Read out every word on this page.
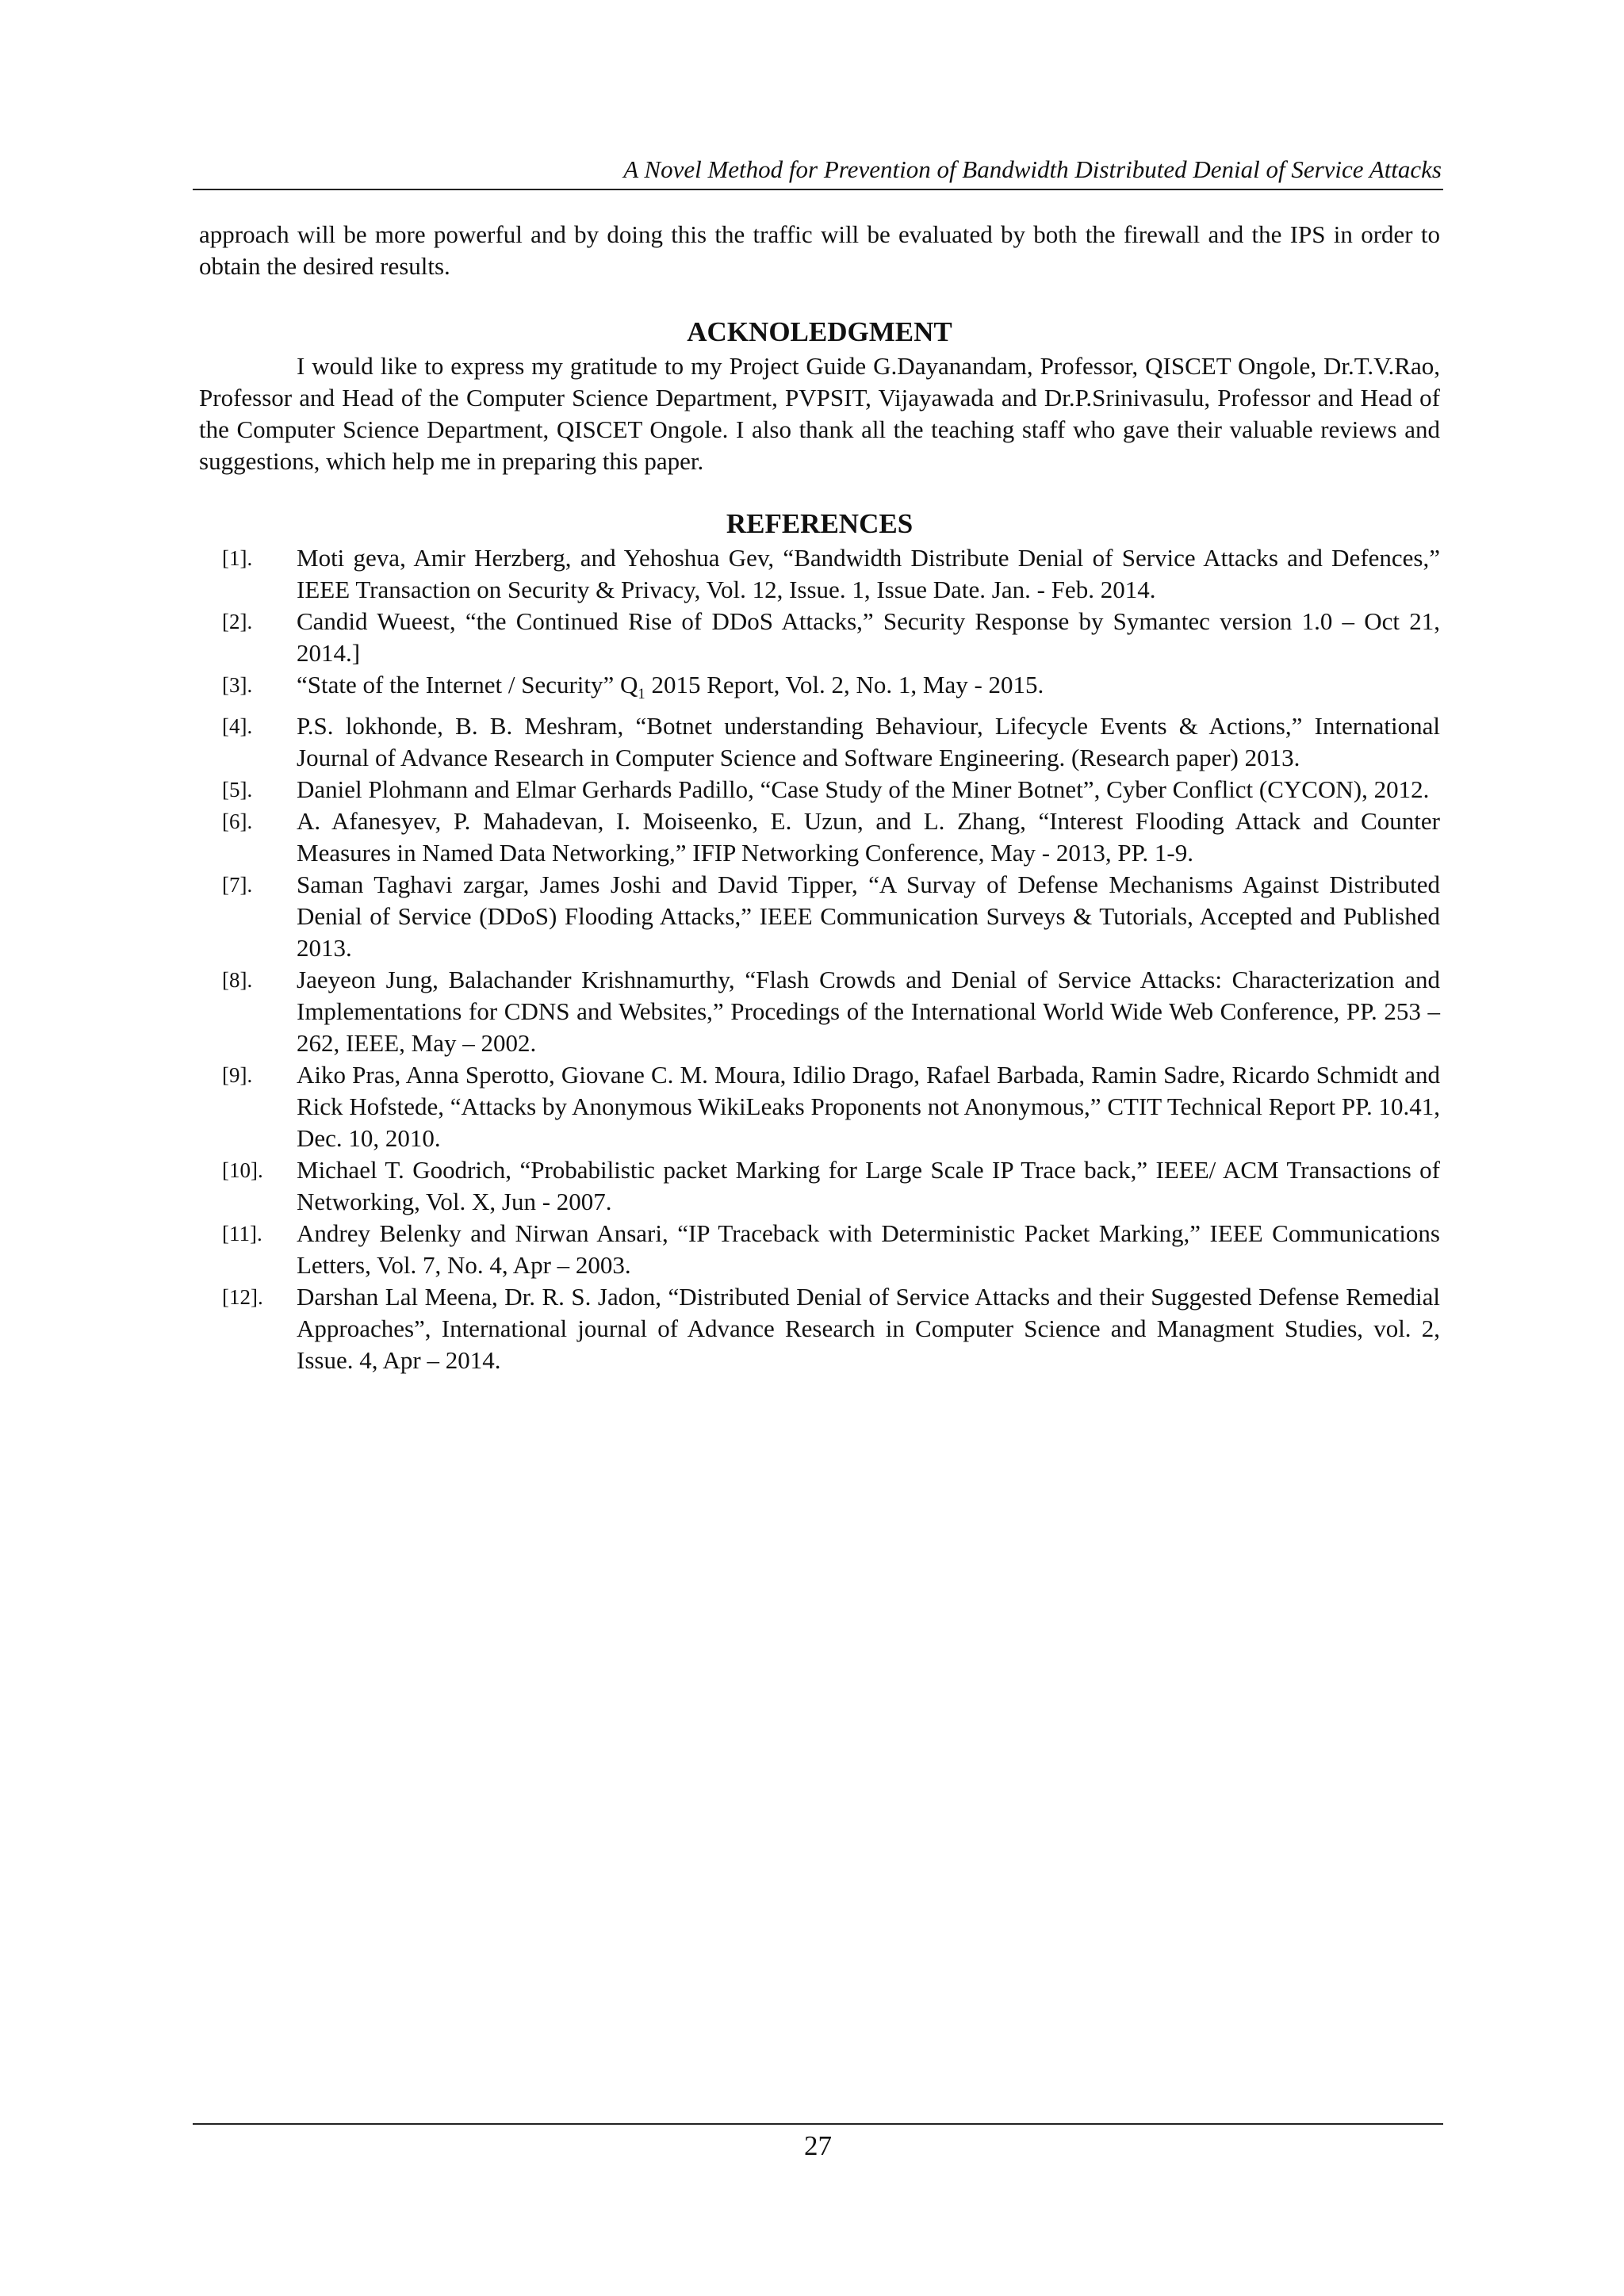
A Novel Method for Prevention of Bandwidth Distributed Denial of Service Attacks

approach will be more powerful and by doing this the traffic will be evaluated by both the firewall and the IPS in order to obtain the desired results.

ACKNOLEDGMENT

I would like to express my gratitude to my Project Guide G.Dayanandam, Professor, QISCET Ongole, Dr.T.V.Rao, Professor and Head of the Computer Science Department, PVPSIT, Vijayawada and Dr.P.Srinivasulu, Professor and Head of the Computer Science Department, QISCET Ongole. I also thank all the teaching staff who gave their valuable reviews and suggestions, which help me in preparing this paper.

REFERENCES
[1].	Moti geva, Amir Herzberg, and Yehoshua Gev, “Bandwidth Distribute Denial of Service Attacks and Defences,” IEEE Transaction on Security & Privacy, Vol. 12, Issue. 1, Issue Date. Jan. - Feb. 2014.
[2].	Candid Wueest, “the Continued Rise of DDoS Attacks,” Security Response by Symantec version 1.0 – Oct 21, 2014.]
[3].	“State of the Internet / Security” $Q_1$ 2015 Report, Vol. 2, No. 1, May - 2015.
[4].	P.S. lokhonde, B. B. Meshram, “Botnet understanding Behaviour, Lifecycle Events & Actions,” International Journal of Advance Research in Computer Science and Software Engineering. (Research paper) 2013.
[5].	Daniel Plohmann and Elmar Gerhards Padillo, “Case Study of the Miner Botnet”, Cyber Conflict (CYCON), 2012.
[6].	A. Afanesyev, P. Mahadevan, I. Moiseenko, E. Uzun, and L. Zhang, “Interest Flooding Attack and Counter Measures in Named Data Networking,” IFIP Networking Conference, May - 2013, PP. 1-9.
[7].	Saman Taghavi zargar, James Joshi and David Tipper, “A Survay of Defense Mechanisms Against Distributed Denial of Service (DDoS) Flooding Attacks,” IEEE Communication Surveys & Tutorials, Accepted and Published 2013.
[8].	Jaeyeon Jung, Balachander Krishnamurthy, “Flash Crowds and Denial of Service Attacks: Characterization and Implementations for CDNS and Websites,” Procedings of the International World Wide Web Conference, PP. 253 – 262, IEEE, May – 2002.
[9].	Aiko Pras, Anna Sperotto, Giovane C. M. Moura, Idilio Drago, Rafael Barbada, Ramin Sadre, Ricardo Schmidt and Rick Hofstede, “Attacks by Anonymous WikiLeaks Proponents not Anonymous,” CTIT Technical Report PP. 10.41, Dec. 10, 2010.
[10].	Michael T. Goodrich, “Probabilistic packet Marking for Large Scale IP Trace back,” IEEE/ ACM Transactions of Networking, Vol. X, Jun - 2007.
[11].	Andrey Belenky and Nirwan Ansari, “IP Traceback with Deterministic Packet Marking,” IEEE Communications Letters, Vol. 7, No. 4, Apr – 2003.
[12].	Darshan Lal Meena, Dr. R. S. Jadon, “Distributed Denial of Service Attacks and their Suggested Defense Remedial Approaches”, International journal of Advance Research in Computer Science and Managment Studies, vol. 2, Issue. 4, Apr – 2014.
27
